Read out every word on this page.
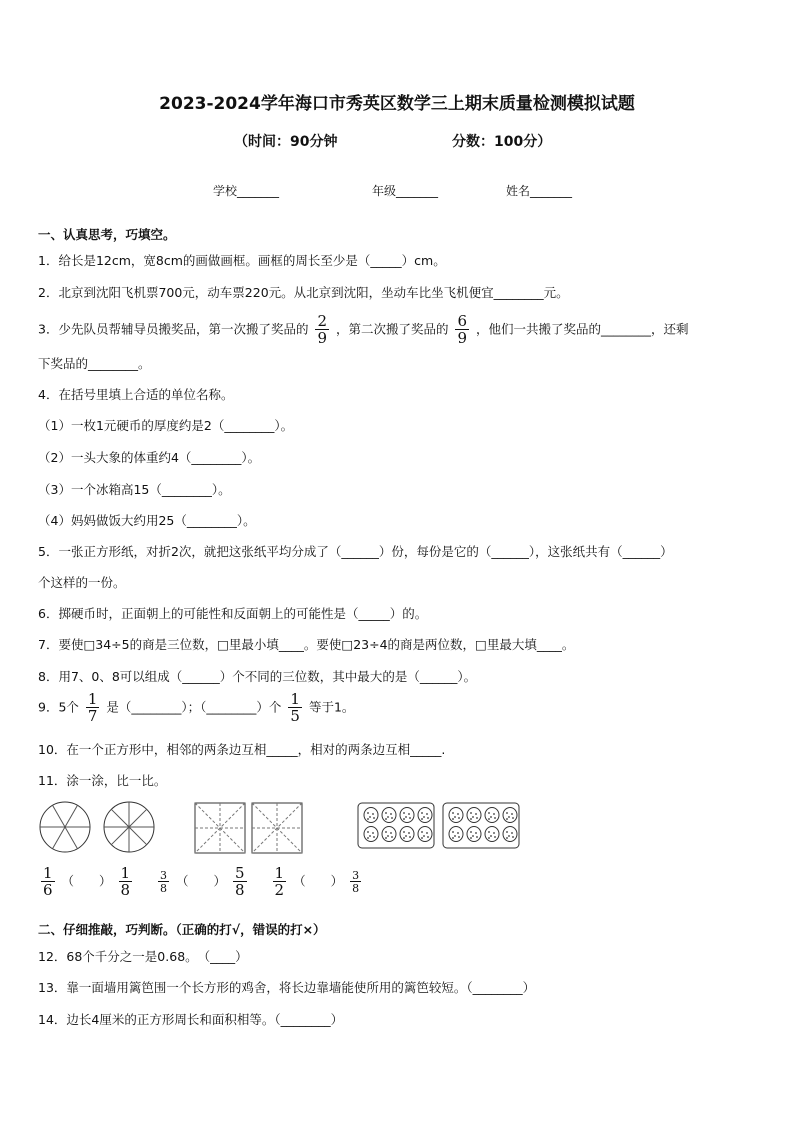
2023-2024学年海口市秀英区数学三上期末质量检测模拟试题
（时间：90分钟	分数：100分）
学校_______	年级_______	姓名_______
一、认真思考，巧填空。
1．给长是12cm，宽8cm的画做画框。画框的周长至少是（_____）cm。
2．北京到沈阳飞机票700元，动车票220元。从北京到沈阳，坐动车比坐飞机便宜________元。
3．少先队员帮辅导员搬奖品，第一次搬了奖品的 $\frac{2}{9}$ ，第二次搬了奖品的 $\frac{6}{9}$ ，他们一共搬了奖品的________，还剩
下奖品的________。
4．在括号里填上合适的单位名称。
（1）一枚1元硬币的厚度约是2（________）。
（2）一头大象的体重约4（________）。
（3）一个冰箱高15（________）。
（4）妈妈做饭大约用25（________）。
5．一张正方形纸，对折2次，就把这张纸平均分成了（______）份，每份是它的（______），这张纸共有（______）
个这样的一份。
6．掷硬币时，正面朝上的可能性和反面朝上的可能性是（_____）的。
7．要使□34÷5的商是三位数，□里最小填____。要使□23÷4的商是两位数，□里最大填____。
8．用7、0、8可以组成（______）个不同的三位数，其中最大的是（______）。
9．5个 $\frac{1}{7}$ 是（________）；（________）个 $\frac{1}{5}$ 等于1。
10．在一个正方形中，相邻的两条边互相_____，相对的两条边互相_____.
11．涂一涂，比一比。
$\frac{1}{6}$ （　　） $\frac{1}{8}$
$\frac{3}{8}$ （　　） $\frac{5}{8}$
$\frac{1}{2}$ （　　） $\frac{3}{8}$
二、仔细推敲，巧判断。（正确的打√，错误的打×）
12．68个千分之一是0.68。　（____）
13．靠一面墙用篱笆围一个长方形的鸡舍，将长边靠墙能使所用的篱笆较短。（________）
14．边长4厘米的正方形周长和面积相等。（________）
